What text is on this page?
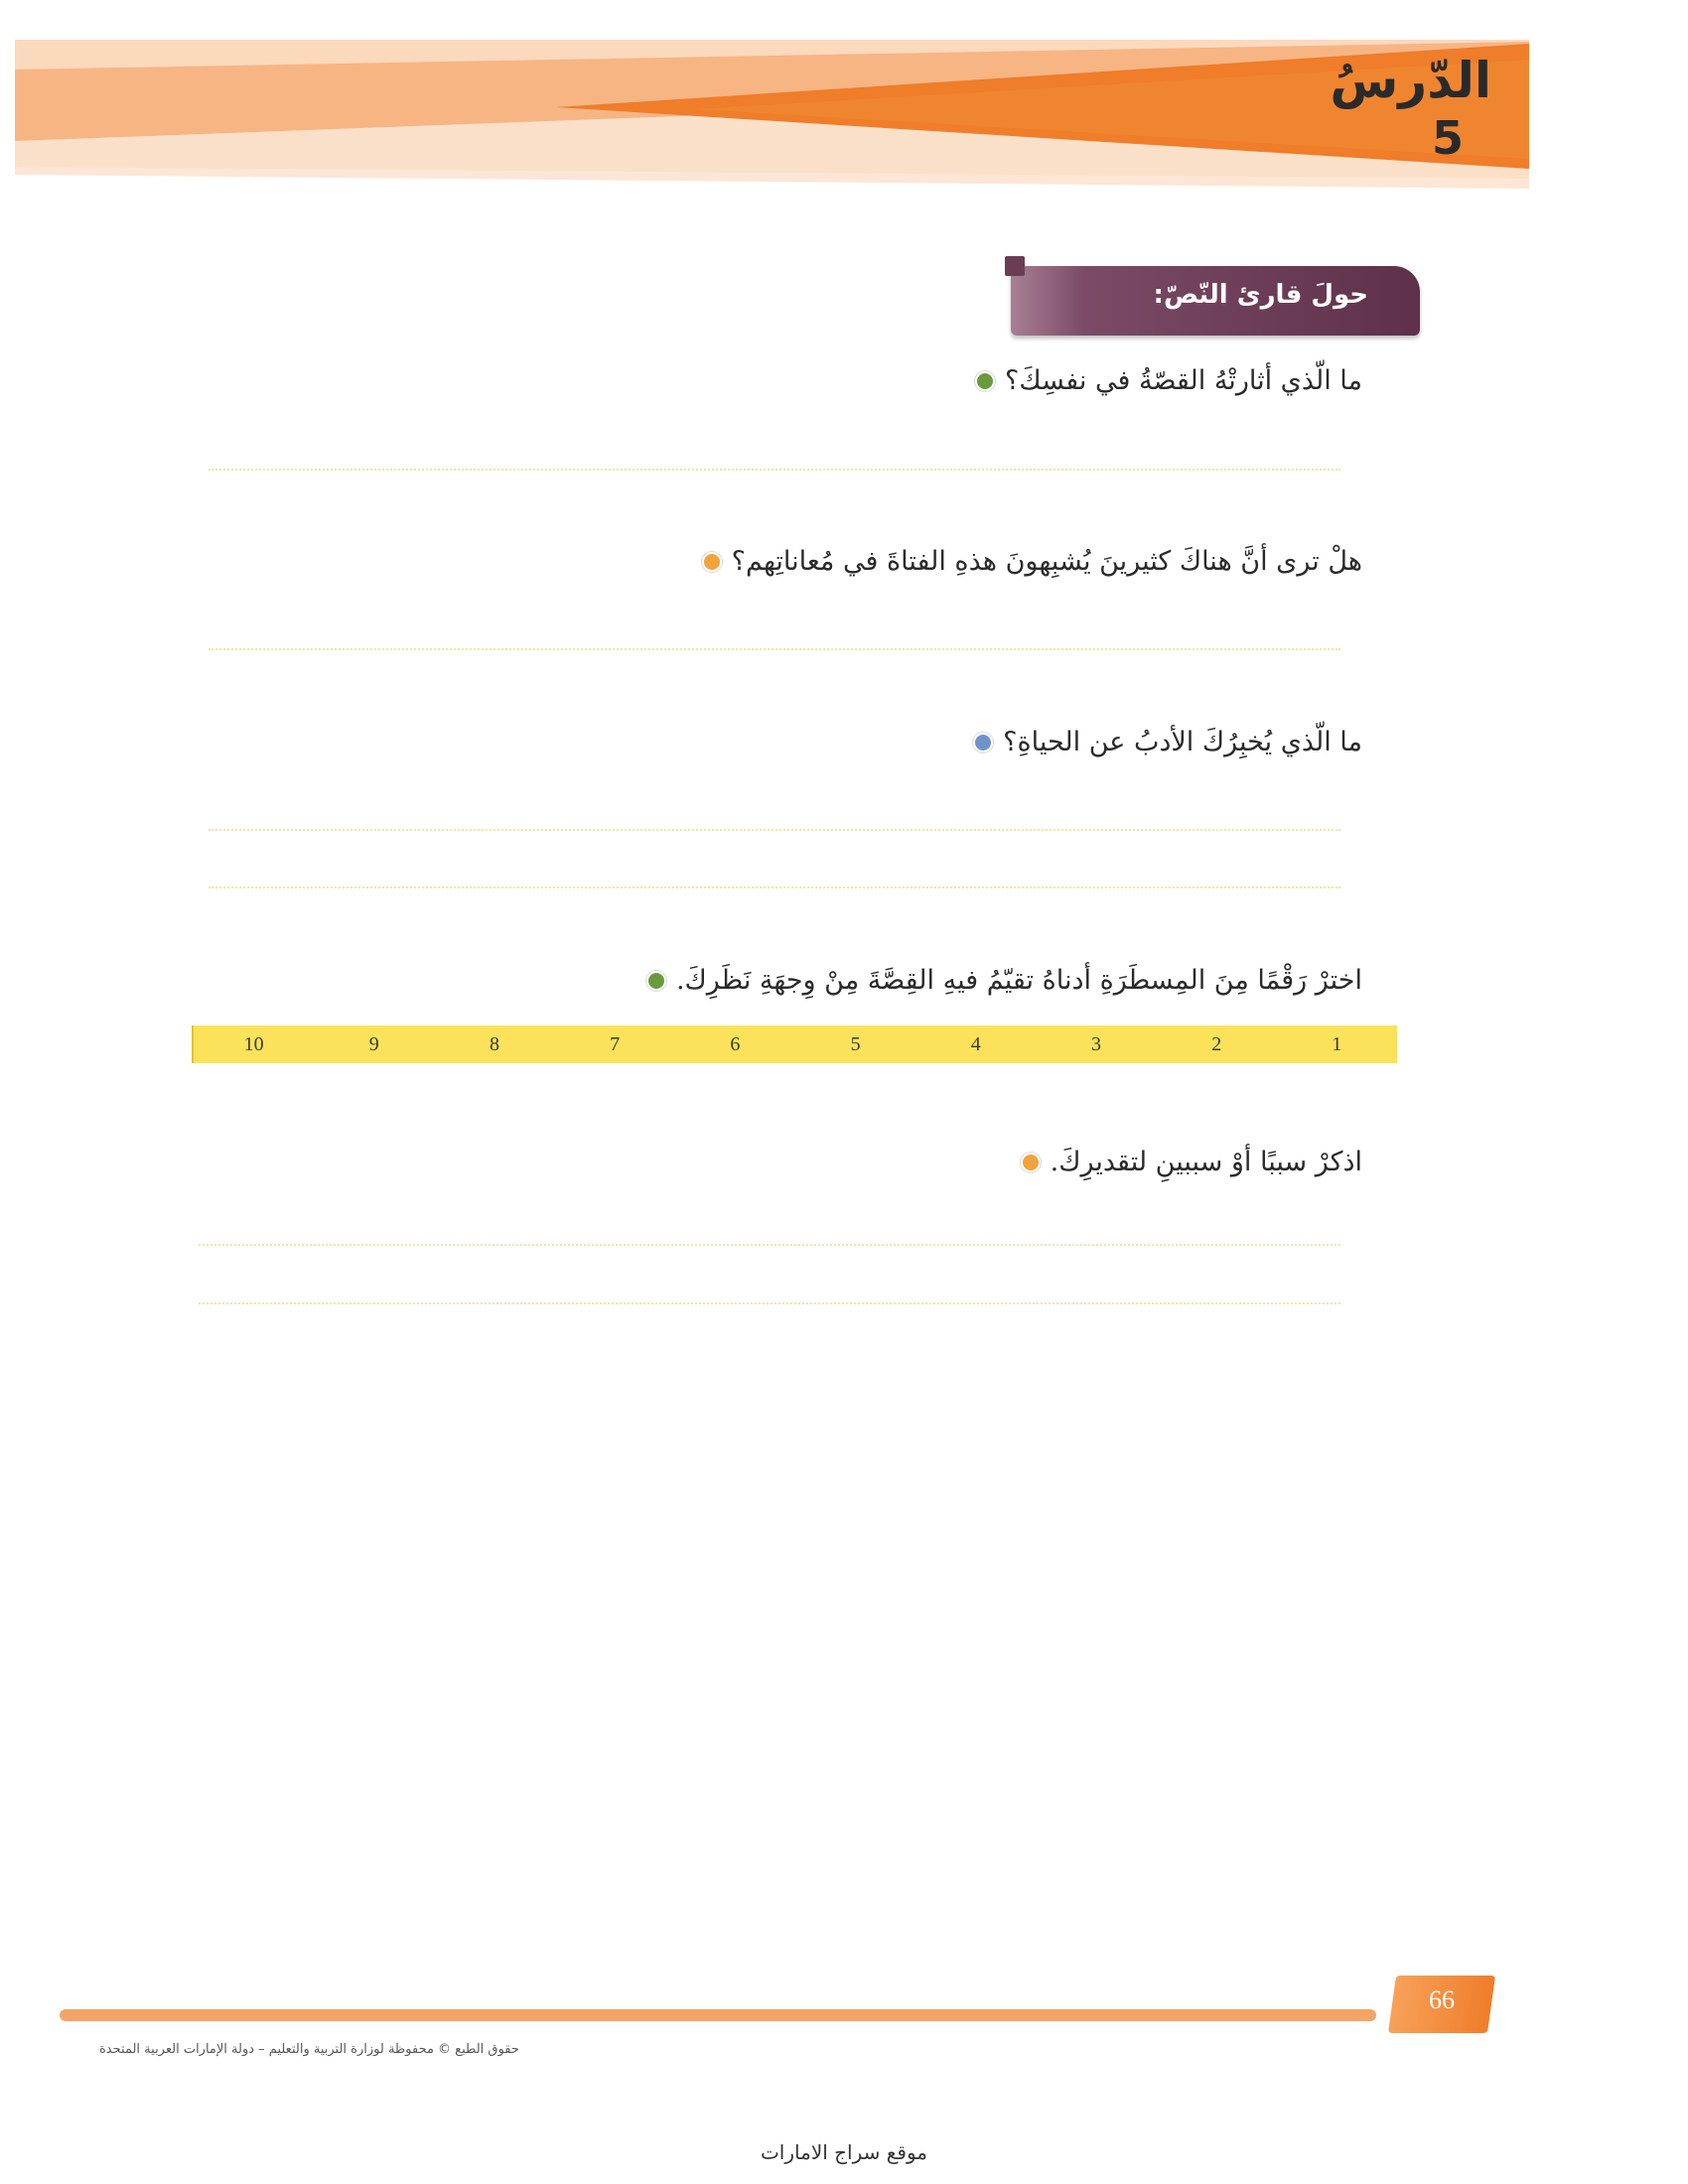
الدّرسُ
5
حولَ قارئ النّصّ:
ما الّذي أثارتْهُ القصّةُ في نفسِكَ؟
هلْ ترى أنَّ هناكَ كثيرينَ يُشبِهونَ هذهِ الفتاةَ في مُعاناتِهم؟
ما الّذي يُخبِرُكَ الأدبُ عن الحياةِ؟
اخترْ رَقْمًا مِنَ المِسطَرَةِ أدناهُ تقيّمُ فيهِ القِصَّةَ مِنْ وِجهَةِ نَظَرِكَ.
1
2
3
4
5
6
7
8
9
10
اذكرْ سببًا أوْ سببينِ لتقديرِكَ.
66
حقوق الطبع © محفوظة لوزارة التربية والتعليم – دولة الإمارات العربية المتحدة
موقع سراج الامارات
